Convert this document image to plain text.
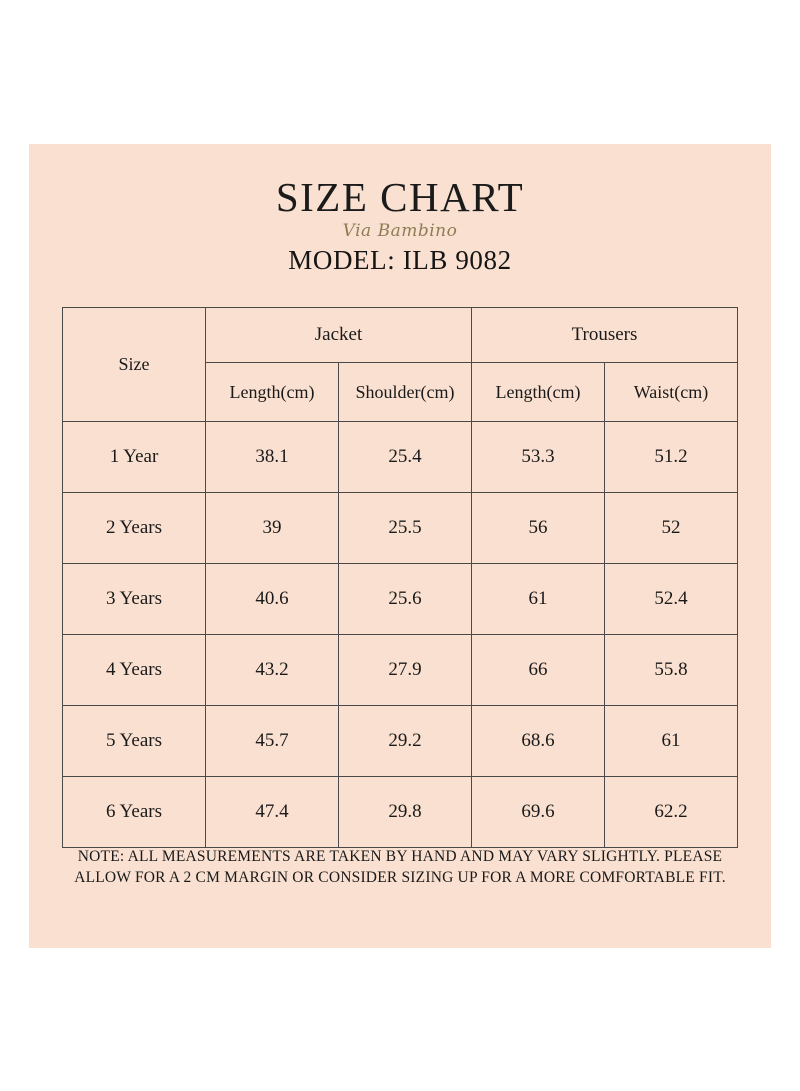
SIZE CHART
Via Bambino
MODEL: ILB 9082
Size	Jacket		Trousers	
	Length(cm)	Shoulder(cm)	Length(cm)	Waist(cm)
1 Year	38.1	25.4	53.3	51.2
2 Years	39	25.5	56	52
3 Years	40.6	25.6	61	52.4
4 Years	43.2	27.9	66	55.8
5 Years	45.7	29.2	68.6	61
6 Years	47.4	29.8	69.6	62.2
NOTE: ALL MEASUREMENTS ARE TAKEN BY HAND AND MAY VARY SLIGHTLY. PLEASE ALLOW FOR A 2 CM MARGIN OR CONSIDER SIZING UP FOR A MORE COMFORTABLE FIT.
